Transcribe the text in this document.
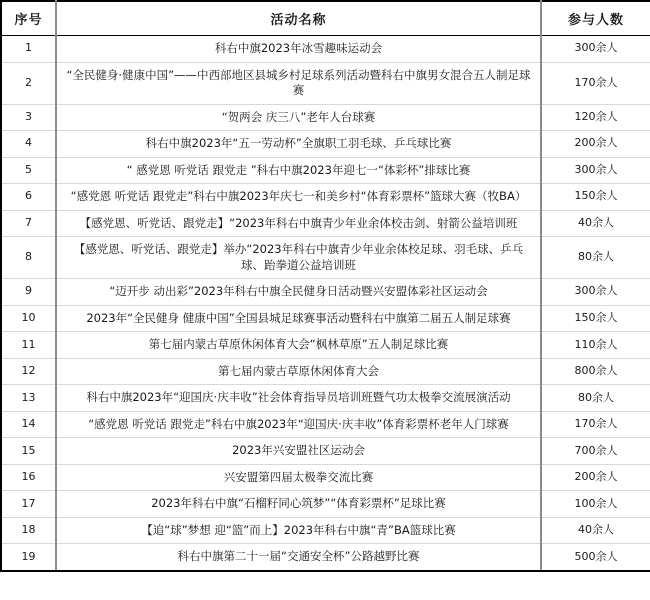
序号	活动名称	参与人数
1	科右中旗2023年冰雪趣味运动会	300余人
2	“全民健身·健康中国”——中西部地区县城乡村足球系列活动暨科右中旗男女混合五人制足球赛	170余人
3	“贺两会 庆三八”老年人台球赛	120余人
4	科右中旗2023年“五一劳动杯”全旗职工羽毛球、乒乓球比赛	200余人
5	“ 感党恩 听党话 跟党走 ”科右中旗2023年迎七一“体彩杯”排球比赛	300余人
6	“感党恩 听党话 跟党走”科右中旗2023年庆七一和美乡村“体育彩票杯”篮球大赛（牧BA）	150余人
7	【感党恩、听党话、跟党走】“2023年科右中旗青少年业余体校击剑、射箭公益培训班	40余人
8	【感党恩、听党话、跟党走】举办“2023年科右中旗青少年业余体校足球、羽毛球、乒乓球、跆拳道公益培训班	80余人
9	“迈开步 动出彩”2023年科右中旗全民健身日活动暨兴安盟体彩社区运动会	300余人
10	2023年“全民健身 健康中国”全国县城足球赛事活动暨科右中旗第二届五人制足球赛	150余人
11	第七届内蒙古草原休闲体育大会“枫林草原”五人制足球比赛	110余人
12	第七届内蒙古草原休闲体育大会	800余人
13	科右中旗2023年“迎国庆·庆丰收”社会体育指导员培训班暨气功太极拳交流展演活动	80余人
14	“感党恩 听党话 跟党走”科右中旗2023年“迎国庆·庆丰收”体育彩票杯老年人门球赛	170余人
15	2023年兴安盟社区运动会	700余人
16	兴安盟第四届太极拳交流比赛	200余人
17	2023年科右中旗“石榴籽同心筑梦”“体育彩票杯”足球比赛	100余人
18	【追“球”梦想 迎“篮”而上】2023年科右中旗“青”BA篮球比赛	40余人
19	科右中旗第二十一届“交通安全杯”公路越野比赛	500余人
